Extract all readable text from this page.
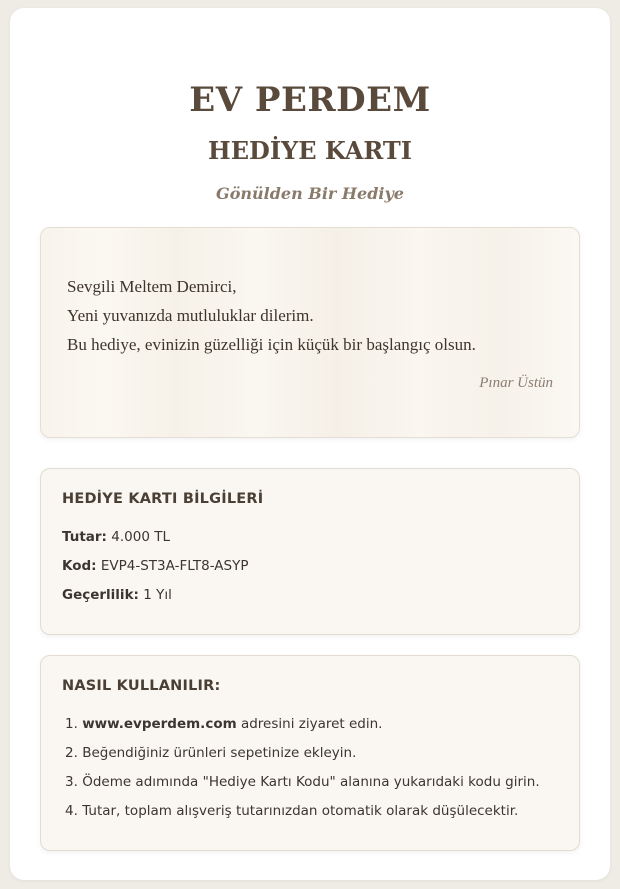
EV PERDEM
HEDİYE KARTI
Gönülden Bir Hediye
Sevgili Meltem Demirci,
Yeni yuvanızda mutluluklar dilerim.
Bu hediye, evinizin güzelliği için küçük bir başlangıç olsun.
Pınar Üstün
HEDİYE KARTI BİLGİLERİ
Tutar: 4.000 TL
Kod: EVP4-ST3A-FLT8-ASYP
Geçerlilik: 1 Yıl
NASIL KULLANILIR:
1. www.evperdem.com adresini ziyaret edin.
2. Beğendiğiniz ürünleri sepetinize ekleyin.
3. Ödeme adımında "Hediye Kartı Kodu" alanına yukarıdaki kodu girin.
4. Tutar, toplam alışveriş tutarınızdan otomatik olarak düşülecektir.
